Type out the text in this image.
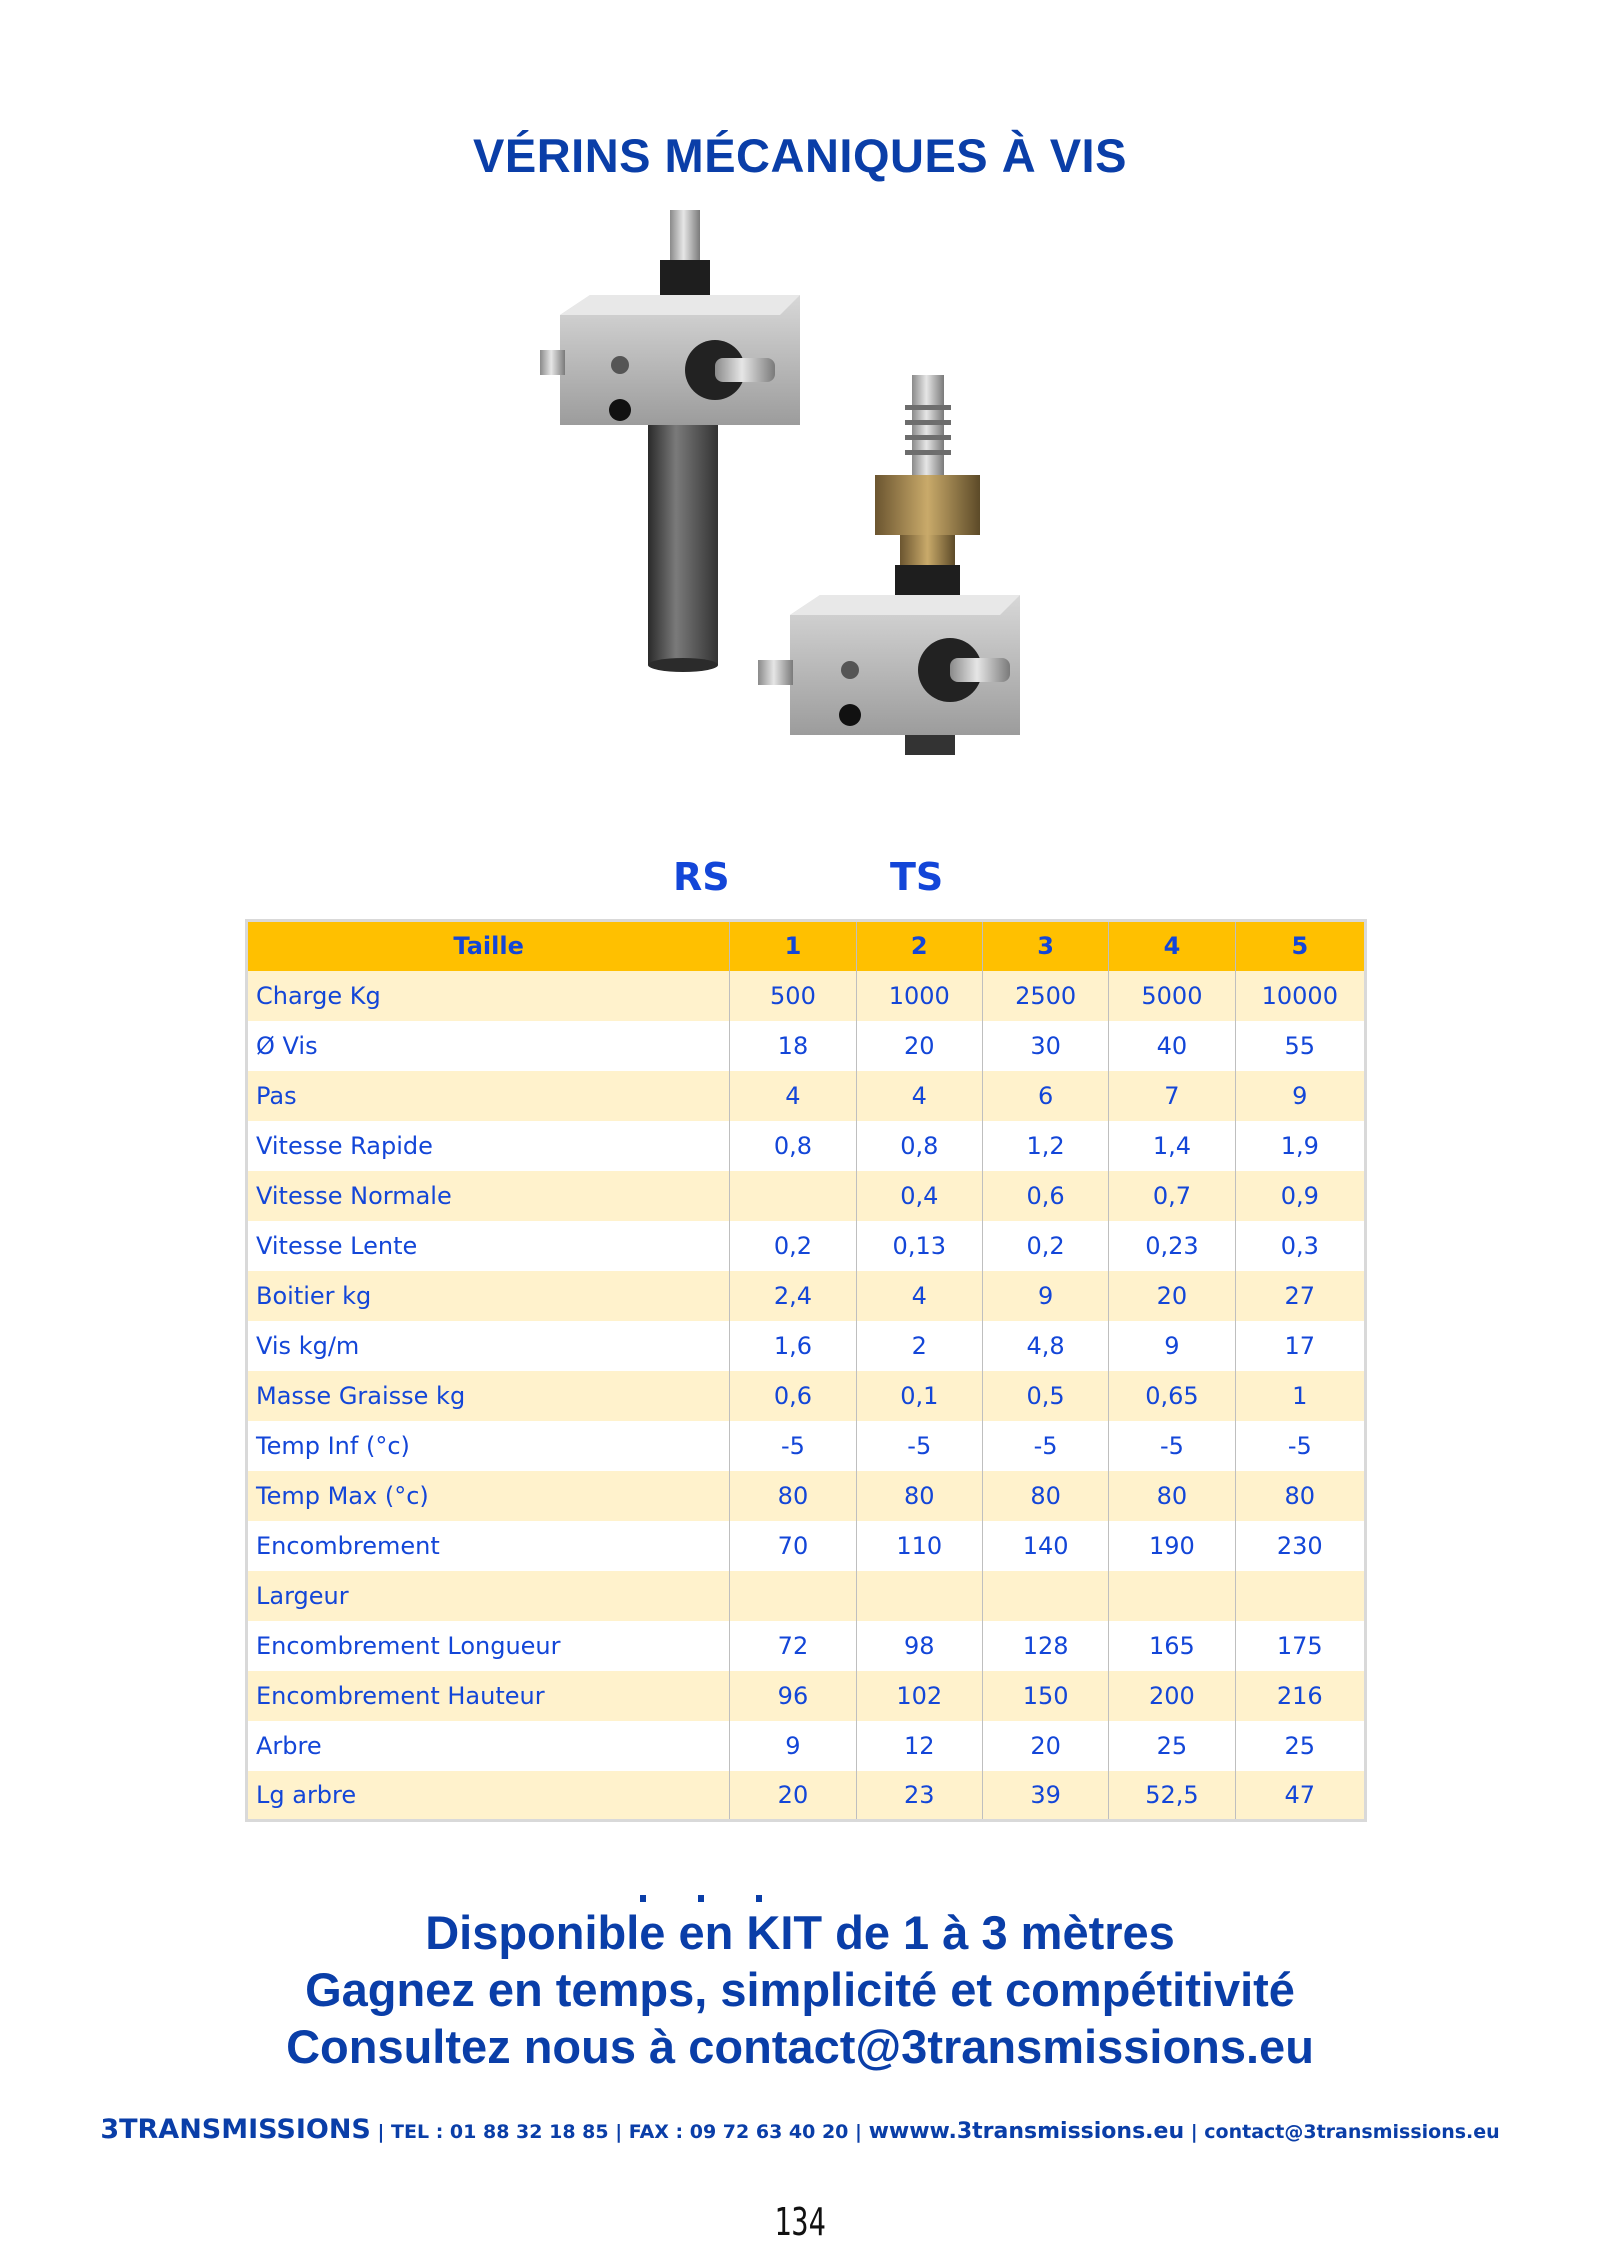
VÉRINS MÉCANIQUES À VIS
RS	TS
Taille	1	2	3	4	5
Charge Kg	500	1000	2500	5000	10000
Ø Vis	18	20	30	40	55
Pas	4	4	6	7	9
Vitesse Rapide	0,8	0,8	1,2	1,4	1,9
Vitesse Normale		0,4	0,6	0,7	0,9
Vitesse Lente	0,2	0,13	0,2	0,23	0,3
Boitier kg	2,4	4	9	20	27
Vis kg/m	1,6	2	4,8	9	17
Masse Graisse kg	0,6	0,1	0,5	0,65	1
Temp Inf (°c)	-5	-5	-5	-5	-5
Temp Max (°c)	80	80	80	80	80
Encombrement	70	110	140	190	230
Largeur					
Encombrement Longueur	72	98	128	165	175
Encombrement Hauteur	96	102	150	200	216
Arbre	9	12	20	25	25
Lg arbre	20	23	39	52,5	47
Disponible en KIT de 1 à 3 mètres
Gagnez en temps, simplicité et compétitivité
Consultez nous à contact@3transmissions.eu
3TRANSMISSIONS | TEL : 01 88 32 18 85 | FAX : 09 72 63 40 20 | wwww.3transmissions.eu | contact@3transmissions.eu
134
